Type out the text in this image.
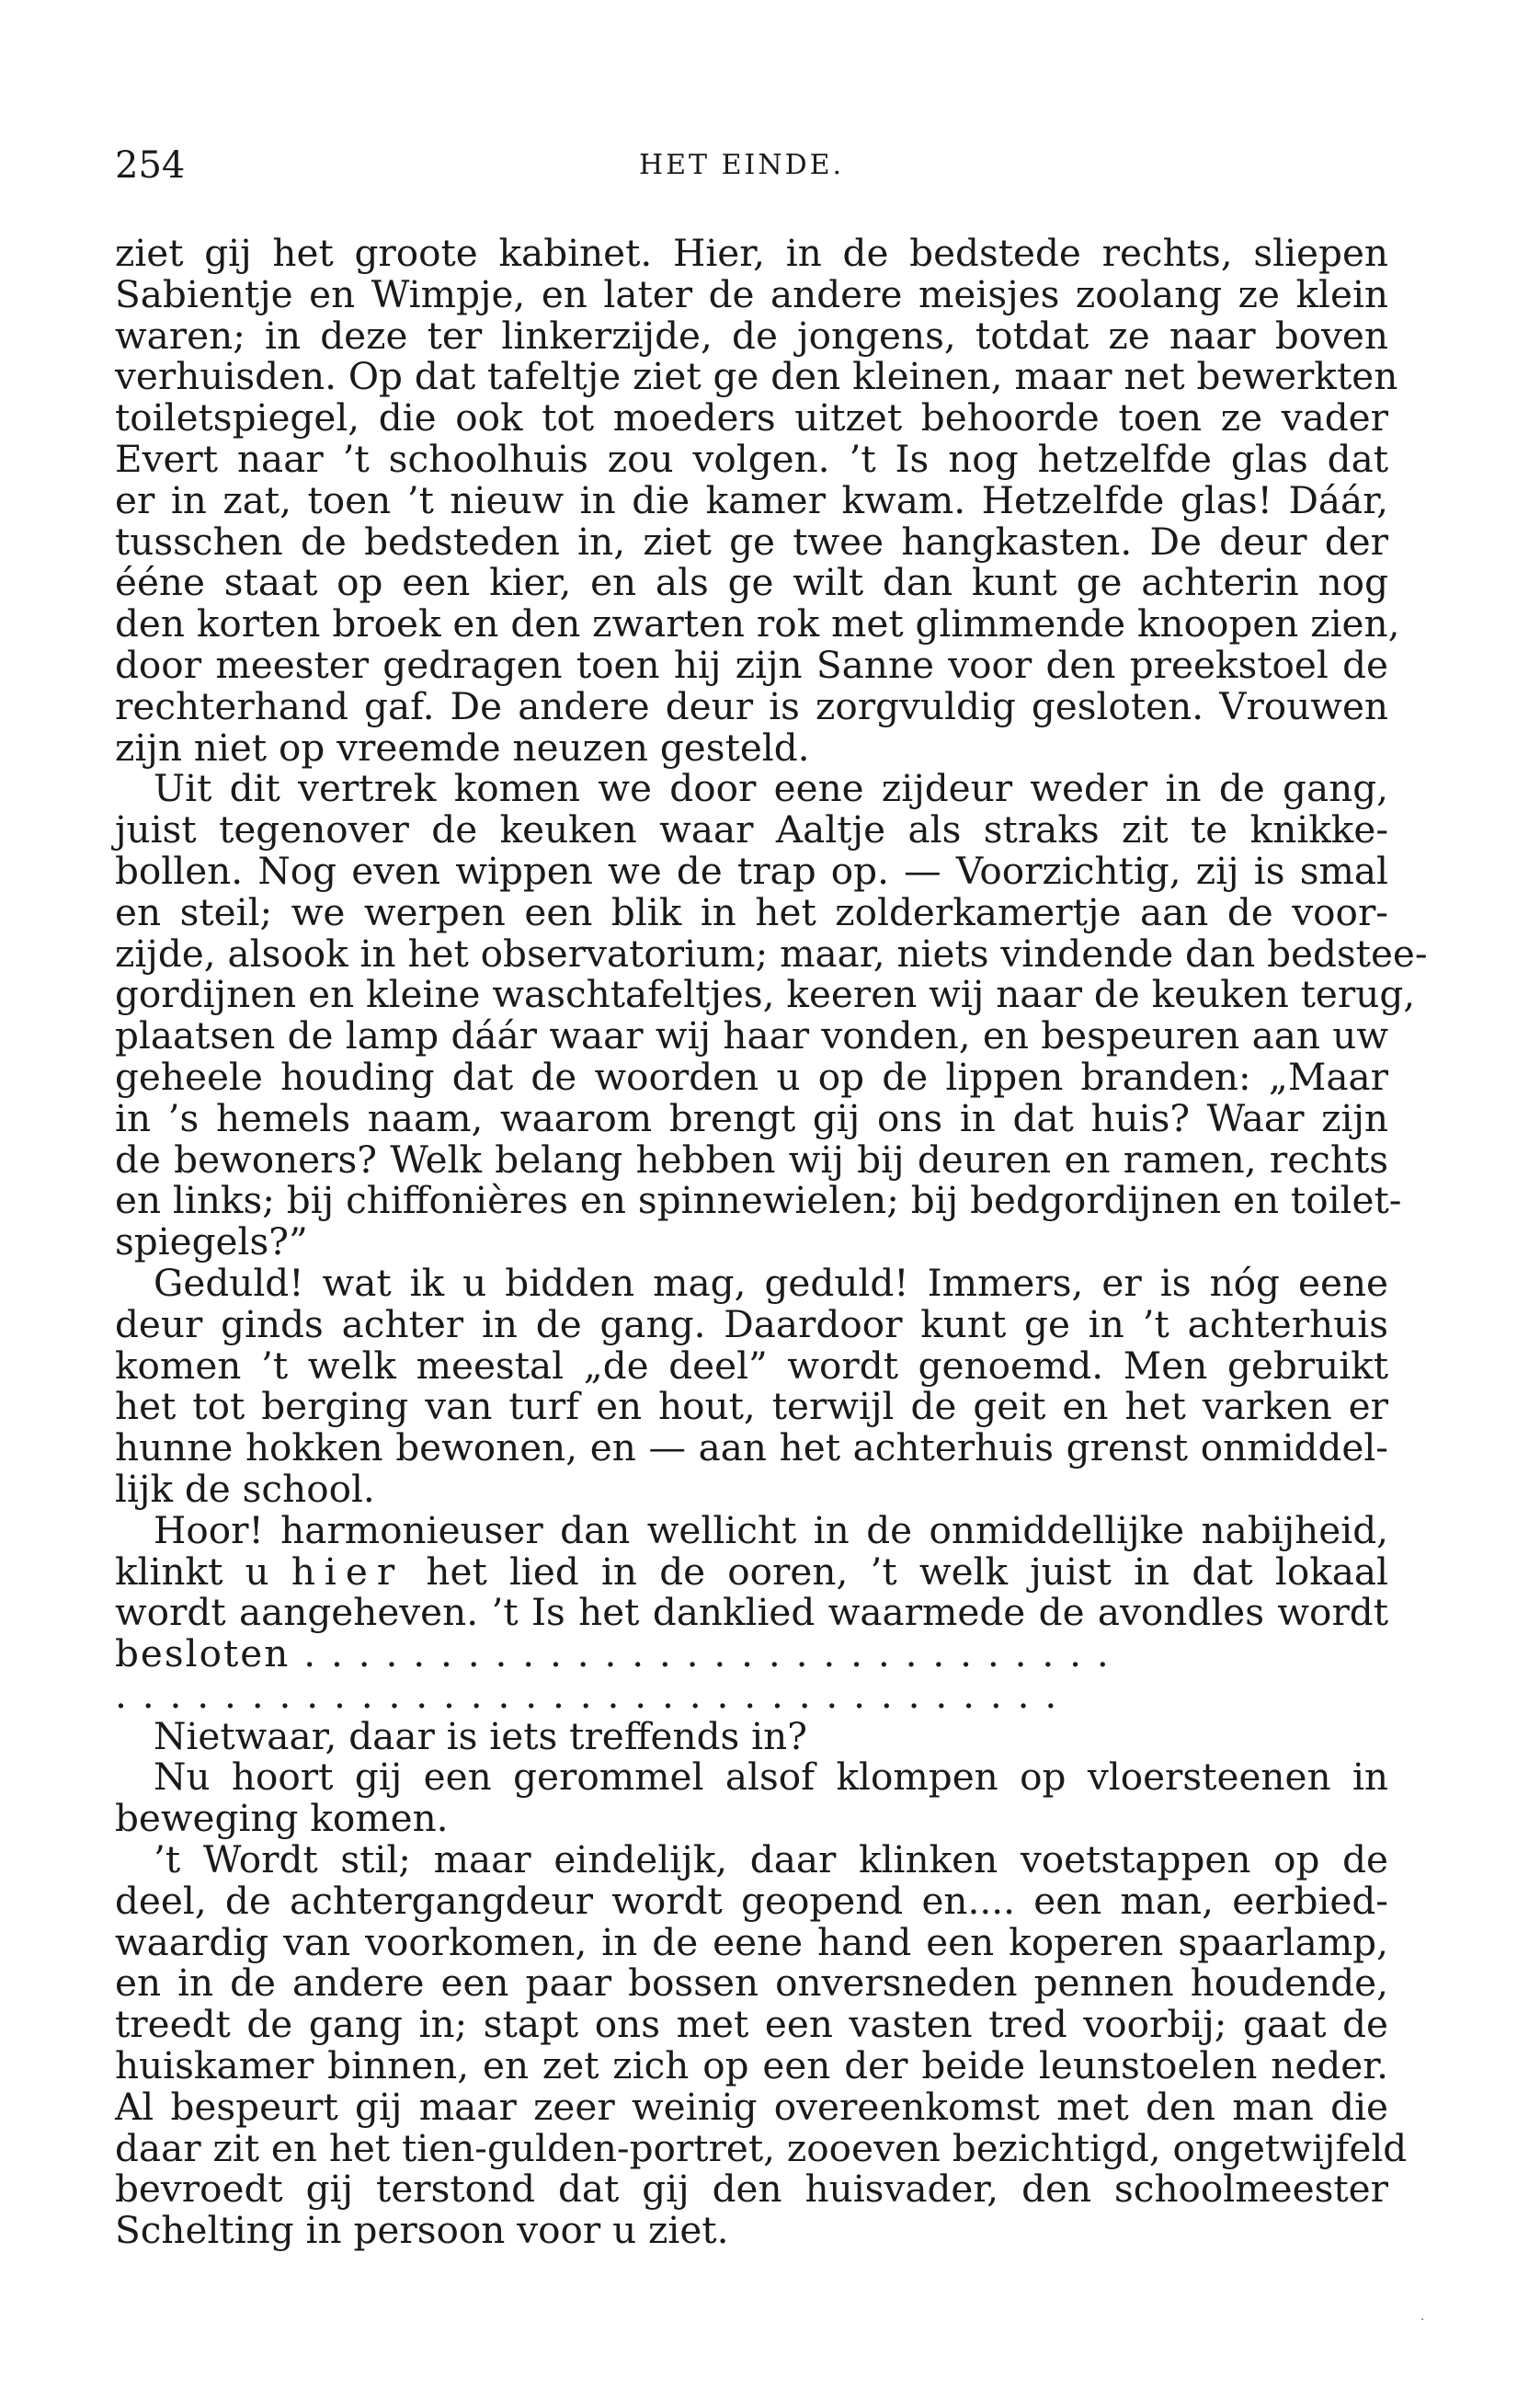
254	HET EINDE.
ziet gij het groote kabinet. Hier, in de bedstede rechts, sliepen
Sabientje en Wimpje, en later de andere meisjes zoolang ze klein
waren; in deze ter linkerzijde, de jongens, totdat ze naar boven
verhuisden. Op dat tafeltje ziet ge den kleinen, maar net bewerkten
toiletspiegel, die ook tot moeders uitzet behoorde toen ze vader
Evert naar ’t schoolhuis zou volgen. ’t Is nog hetzelfde glas dat
er in zat, toen ’t nieuw in die kamer kwam. Hetzelfde glas! Dáár,
tusschen de bedsteden in, ziet ge twee hangkasten. De deur der
ééne staat op een kier, en als ge wilt dan kunt ge achterin nog
den korten broek en den zwarten rok met glimmende knoopen zien,
door meester gedragen toen hij zijn Sanne voor den preekstoel de
rechterhand gaf. De andere deur is zorgvuldig gesloten. Vrouwen
zijn niet op vreemde neuzen gesteld.
Uit dit vertrek komen we door eene zijdeur weder in de gang,
juist tegenover de keuken waar Aaltje als straks zit te knikke-
bollen. Nog even wippen we de trap op. — Voorzichtig, zij is smal
en steil; we werpen een blik in het zolderkamertje aan de voor-
zijde, alsook in het observatorium; maar, niets vindende dan bedstee-
gordijnen en kleine waschtafeltjes, keeren wij naar de keuken terug,
plaatsen de lamp dáár waar wij haar vonden, en bespeuren aan uw
geheele houding dat de woorden u op de lippen branden: „Maar
in ’s hemels naam, waarom brengt gij ons in dat huis? Waar zijn
de bewoners? Welk belang hebben wij bij deuren en ramen, rechts
en links; bij chiffonières en spinnewielen; bij bedgordijnen en toilet-
spiegels?”
Geduld! wat ik u bidden mag, geduld! Immers, er is nóg eene
deur ginds achter in de gang. Daardoor kunt ge in ’t achterhuis
komen ’t welk meestal „de deel” wordt genoemd. Men gebruikt
het tot berging van turf en hout, terwijl de geit en het varken er
hunne hokken bewonen, en — aan het achterhuis grenst onmiddel-
lijk de school.
Hoor! harmonieuser dan wellicht in de onmiddellijke nabijheid,
klinkt u hier het lied in de ooren, ’t welk juist in dat lokaal
wordt aangeheven. ’t Is het danklied waarmede de avondles wordt
besloten . . . . . . . . . . . . . . . . . . . . . . . . . . . . . .
. . . . . . . . . . . . . . . . . . . . . . . . . . . . . . . . . . .
Nietwaar, daar is iets treffends in?
Nu hoort gij een gerommel alsof klompen op vloersteenen in
beweging komen.
’t Wordt stil; maar eindelijk, daar klinken voetstappen op de
deel, de achtergangdeur wordt geopend en.... een man, eerbied-
waardig van voorkomen, in de eene hand een koperen spaarlamp,
en in de andere een paar bossen onversneden pennen houdende,
treedt de gang in; stapt ons met een vasten tred voorbij; gaat de
huiskamer binnen, en zet zich op een der beide leunstoelen neder.
Al bespeurt gij maar zeer weinig overeenkomst met den man die
daar zit en het tien-gulden-portret, zooeven bezichtigd, ongetwijfeld
bevroedt gij terstond dat gij den huisvader, den schoolmeester
Schelting in persoon voor u ziet.
·
